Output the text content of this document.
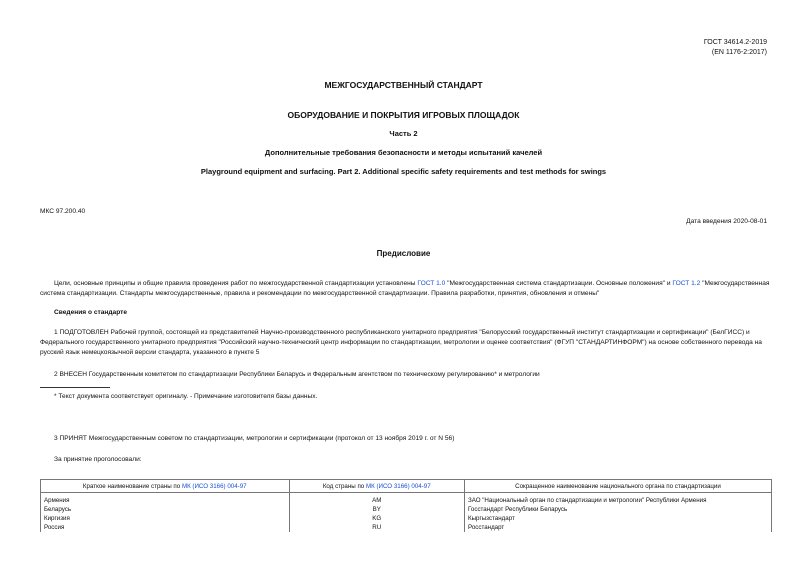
ГОСТ 34614.2-2019
(EN 1176-2:2017)
МЕЖГОСУДАРСТВЕННЫЙ СТАНДАРТ
ОБОРУДОВАНИЕ И ПОКРЫТИЯ ИГРОВЫХ ПЛОЩАДОК
Часть 2
Дополнительные требования безопасности и методы испытаний качелей
Playground equipment and surfacing. Part 2. Additional specific safety requirements and test methods for swings
МКС 97.200.40
Дата введения 2020-08-01
Предисловие
Цели, основные принципы и общие правила проведения работ по межгосударственной стандартизации установлены ГОСТ 1.0 "Межгосударственная система стандартизации. Основные положения" и ГОСТ 1.2 "Межгосударственная система стандартизации. Стандарты межгосударственные, правила и рекомендации по межгосударственной стандартизации. Правила разработки, принятия, обновления и отмены"
Сведения о стандарте
1 ПОДГОТОВЛЕН Рабочей группой, состоящей из представителей Научно-производственного республиканского унитарного предприятия "Белорусский государственный институт стандартизации и сертификации" (БелГИСС) и Федерального государственного унитарного предприятия "Российский научно-технический центр информации по стандартизации, метрологии и оценке соответствия" (ФГУП "СТАНДАРТИНФОРМ") на основе собственного перевода на русский язык немецкоязычной версии стандарта, указанного в пункте 5
2 ВНЕСЕН Государственным комитетом по стандартизации Республики Беларусь и Федеральным агентством по техническому регулированию* и метрологии
* Текст документа соответствует оригиналу. - Примечание изготовителя базы данных.
3 ПРИНЯТ Межгосударственным советом по стандартизации, метрологии и сертификации (протокол от 13 ноября 2019 г. от N 56)
За принятие проголосовали:
Краткое наименование страны по МК (ИСО 3166) 004-97	Код страны по МК (ИСО 3166) 004-97	Сокращенное наименование национального органа по стандартизации
Армения	AM	ЗАО "Национальный орган по стандартизации и метрологии" Республики Армения
Беларусь	BY	Госстандарт Республики Беларусь
Киргизия	KG	Кыргызстандарт
Россия	RU	Росстандарт
